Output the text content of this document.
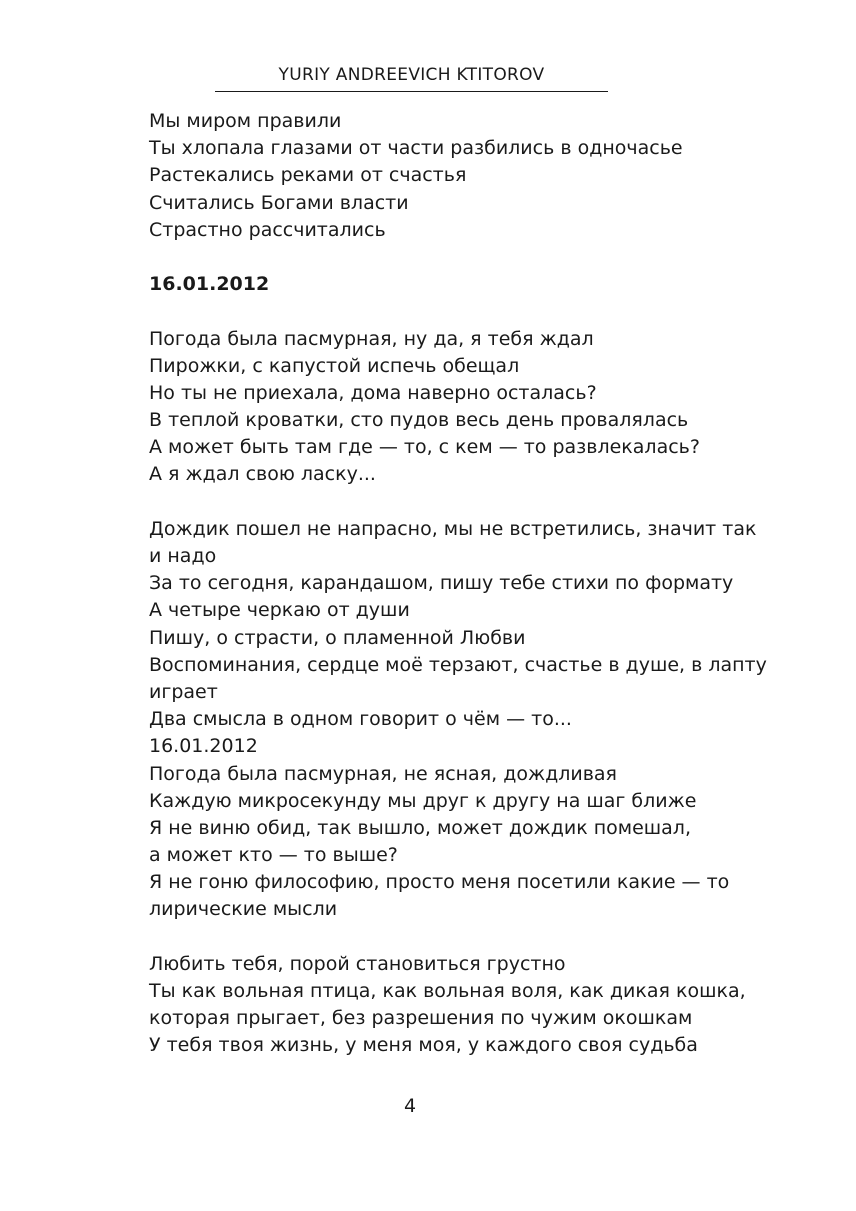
YURIY ANDREEVICH KTITOROV
Мы миром правили
Ты хлопала глазами от части разбились в одночасье
Растекались реками от счастья
Считались Богами власти
Страстно рассчитались
16.01.2012
Погода была пасмурная, ну да, я тебя ждал
Пирожки, с капустой испечь обещал
Но ты не приехала, дома наверно осталась?
В теплой кроватки, сто пудов весь день провалялась
А может быть там где — то, с кем — то развлекалась?
А я ждал свою ласку...
Дождик пошел не напрасно, мы не встретились, значит так
и надо
За то сегодня, карандашом, пишу тебе стихи по формату
А четыре черкаю от души
Пишу, о страсти, о пламенной Любви
Воспоминания, сердце моё терзают, счастье в душе, в лапту
играет
Два смысла в одном говорит о чём — то...
16.01.2012
Погода была пасмурная, не ясная, дождливая
Каждую микросекунду мы друг к другу на шаг ближе
Я не виню обид, так вышло, может дождик помешал,
а может кто — то выше?
Я не гоню философию, просто меня посетили какие — то
лирические мысли
Любить тебя, порой становиться грустно
Ты как вольная птица, как вольная воля, как дикая кошка,
которая прыгает, без разрешения по чужим окошкам
У тебя твоя жизнь, у меня моя, у каждого своя судьба
4
